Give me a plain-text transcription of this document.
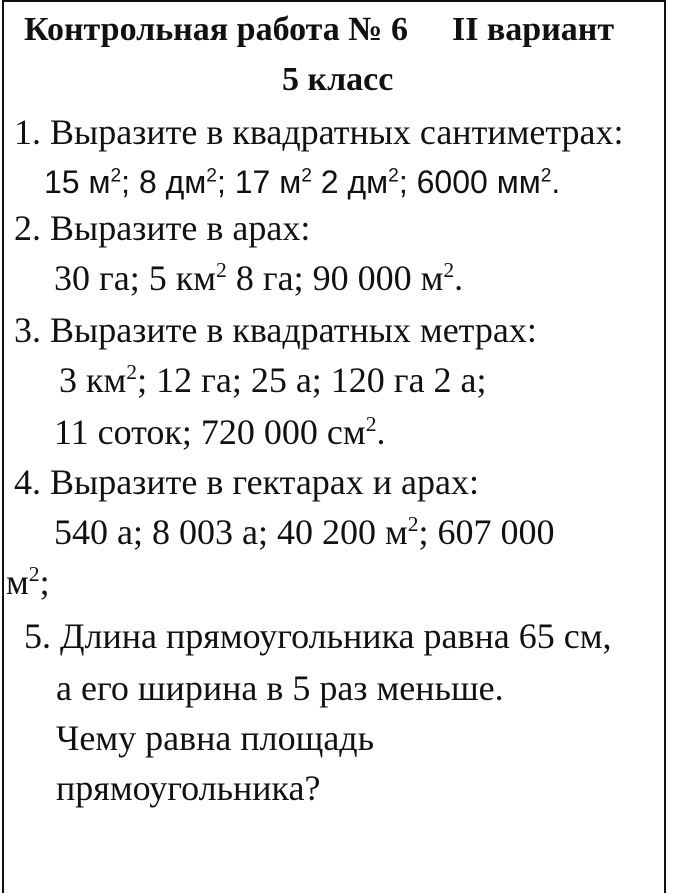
Контрольная работа № 6 II вариант
5 класс
1. Выразите в квадратных сантиметрах:
15 $м^2$; 8 $дм^2$; 17 $м^2$ 2 $дм^2$; 6000 $мм^2$.
2. Выразите в арах:
30 га; 5 $км^2$ 8 га; 90 000 $м^2$.
3. Выразите в квадратных метрах:
3 $км^2$; 12 га; 25 а; 120 га 2 а;
11 соток; 720 000 $см^2$.
4. Выразите в гектарах и арах:
540 а; 8 003 а; 40 200 $м^2$; 607 000
$м^2$;
5. Длина прямоугольника равна 65 см,
а его ширина в 5 раз меньше.
Чему равна площадь
прямоугольника?
